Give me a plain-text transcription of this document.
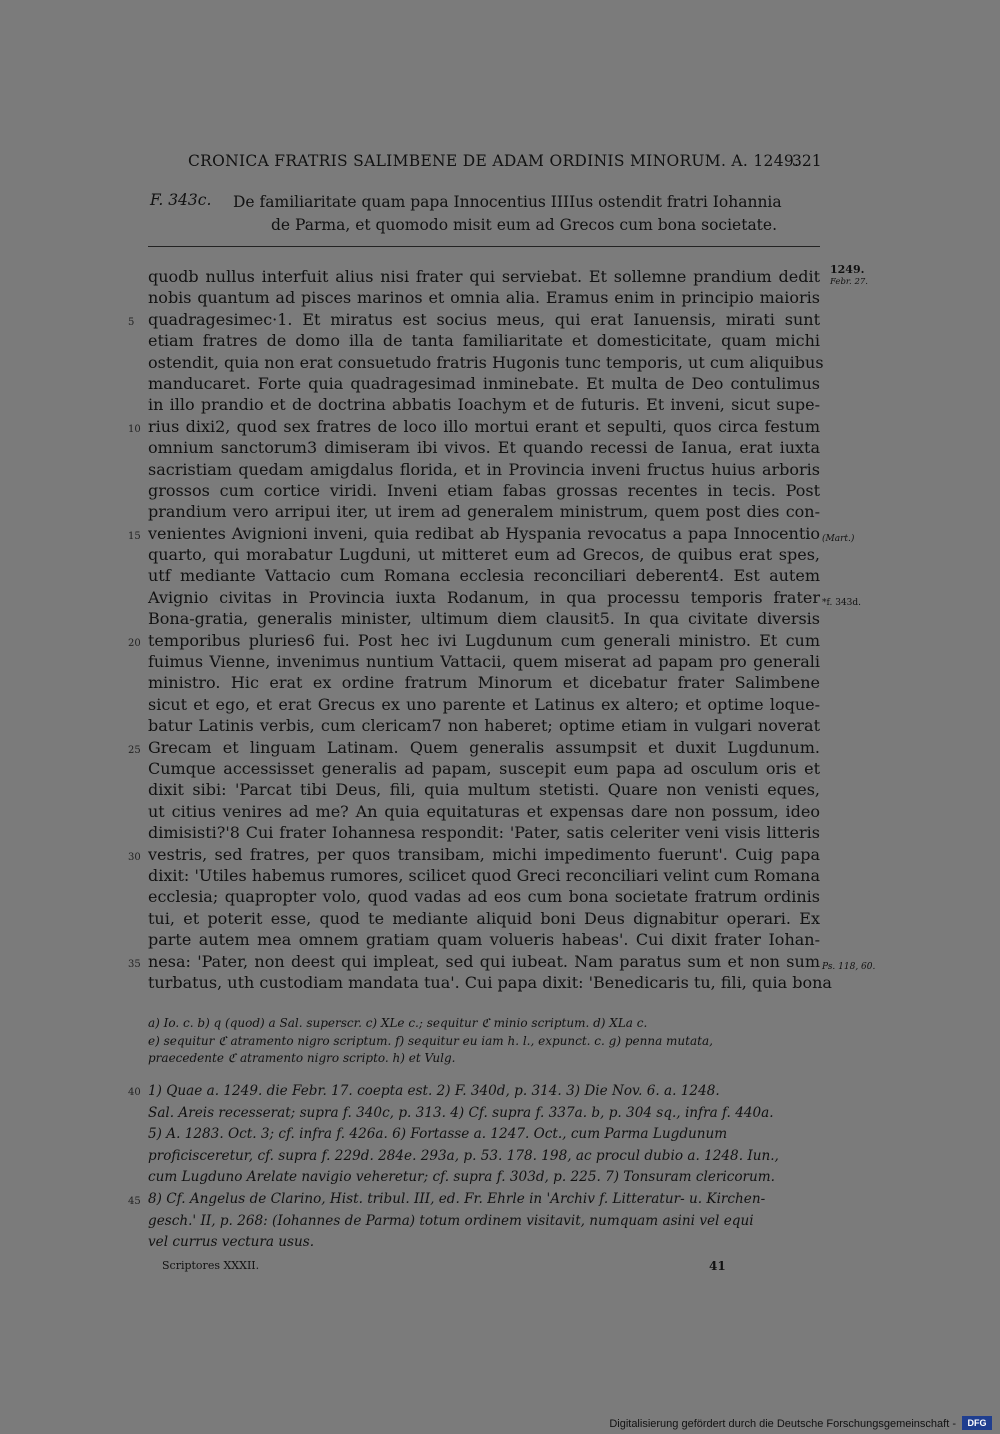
CRONICA FRATRIS SALIMBENE DE ADAM ORDINIS MINORUM. A. 1249.
321
F. 343c. De familiaritate quam papa Innocentius IIIIus ostendit fratri Iohannia
de Parma, et quomodo misit eum ad Grecos cum bona societate.
quodb nullus interfuit alius nisi frater qui serviebat. Et sollemne prandium dedit
nobis quantum ad pisces marinos et omnia alia. Eramus enim in principio maioris
quadragesimec·1. Et miratus est socius meus, qui erat Ianuensis, mirati sunt
etiam fratres de domo illa de tanta familiaritate et domesticitate, quam michi
ostendit, quia non erat consuetudo fratris Hugonis tunc temporis, ut cum aliquibus
manducaret. Forte quia quadragesimad inminebate. Et multa de Deo contulimus
in illo prandio et de doctrina abbatis Ioachym et de futuris. Et inveni, sicut supe-
rius dixi2, quod sex fratres de loco illo mortui erant et sepulti, quos circa festum
omnium sanctorum3 dimiseram ibi vivos. Et quando recessi de Ianua, erat iuxta
sacristiam quedam amigdalus florida, et in Provincia inveni fructus huius arboris
grossos cum cortice viridi. Inveni etiam fabas grossas recentes in tecis. Post
prandium vero arripui iter, ut irem ad generalem ministrum, quem post dies con-
venientes Avignioni inveni, quia redibat ab Hyspania revocatus a papa Innocentio
quarto, qui morabatur Lugduni, ut mitteret eum ad Grecos, de quibus erat spes,
utf mediante Vattacio cum Romana ecclesia reconciliari deberent4. Est autem
Avignio civitas in Provincia iuxta Rodanum, in qua processu temporis frater
Bona-gratia, generalis minister, ultimum diem clausit5. In qua civitate diversis
temporibus pluries6 fui. Post hec ivi Lugdunum cum generali ministro. Et cum
fuimus Vienne, invenimus nuntium Vattacii, quem miserat ad papam pro generali
ministro. Hic erat ex ordine fratrum Minorum et dicebatur frater Salimbene
sicut et ego, et erat Grecus ex uno parente et Latinus ex altero; et optime loque-
batur Latinis verbis, cum clericam7 non haberet; optime etiam in vulgari noverat
Grecam et linguam Latinam. Quem generalis assumpsit et duxit Lugdunum.
Cumque accessisset generalis ad papam, suscepit eum papa ad osculum oris et
dixit sibi: 'Parcat tibi Deus, fili, quia multum stetisti. Quare non venisti eques,
ut citius venires ad me? An quia equitaturas et expensas dare non possum, ideo
dimisisti?'8 Cui frater Iohannesa respondit: 'Pater, satis celeriter veni visis litteris
vestris, sed fratres, per quos transibam, michi impedimento fuerunt'. Cuig papa
dixit: 'Utiles habemus rumores, scilicet quod Greci reconciliari velint cum Romana
ecclesia; quapropter volo, quod vadas ad eos cum bona societate fratrum ordinis
tui, et poterit esse, quod te mediante aliquid boni Deus dignabitur operari. Ex
parte autem mea omnem gratiam quam volueris habeas'. Cui dixit frater Iohan-
nesa: 'Pater, non deest qui impleat, sed qui iubeat. Nam paratus sum et non sum
turbatus, uth custodiam mandata tua'. Cui papa dixit: 'Benedicaris tu, fili, quia bona
5
10
15
20
25
30
35
1249.
Febr. 27.
(Mart.)
*f. 343d.
Ps. 118, 60.
a) Io. c. b) q (quod) a Sal. superscr. c) XLe c.; sequitur ℭ minio scriptum. d) XLa c.
e) sequitur ℭ atramento nigro scriptum. f) sequitur eu iam h. l., expunct. c. g) penna mutata,
praecedente ℭ atramento nigro scripto. h) et Vulg.
1) Quae a. 1249. die Febr. 17. coepta est. 2) F. 340d, p. 314. 3) Die Nov. 6. a. 1248.
Sal. Areis recesserat; supra f. 340c, p. 313. 4) Cf. supra f. 337a. b, p. 304 sq., infra f. 440a.
5) A. 1283. Oct. 3; cf. infra f. 426a. 6) Fortasse a. 1247. Oct., cum Parma Lugdunum
proficisceretur, cf. supra f. 229d. 284e. 293a, p. 53. 178. 198, ac procul dubio a. 1248. Iun.,
cum Lugduno Arelate navigio veheretur; cf. supra f. 303d, p. 225. 7) Tonsuram clericorum.
8) Cf. Angelus de Clarino, Hist. tribul. III, ed. Fr. Ehrle in 'Archiv f. Litteratur- u. Kirchen-
gesch.' II, p. 268: (Iohannes de Parma) totum ordinem visitavit, numquam asini vel equi
vel currus vectura usus.
40
45
Scriptores XXXII.	41
Digitalisierung gefördert durch die Deutsche Forschungsgemeinschaft -	DFG
